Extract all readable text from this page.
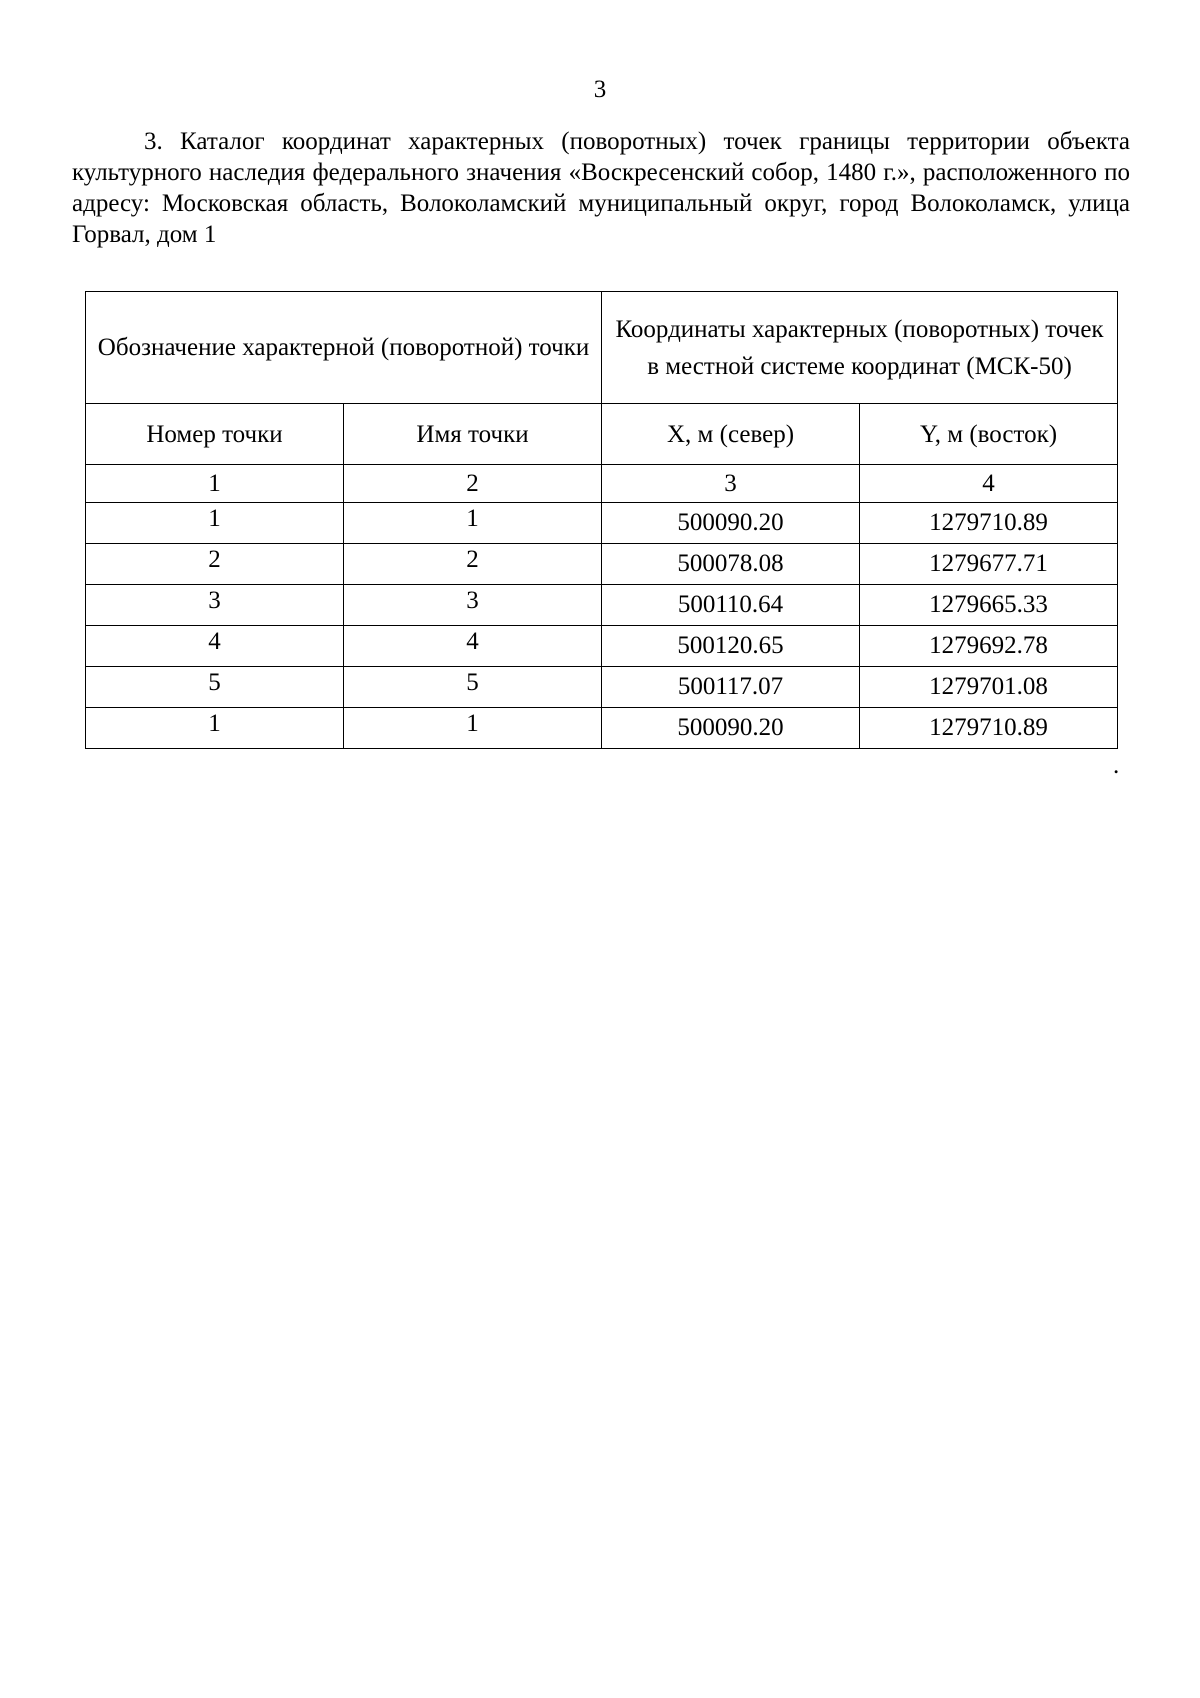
3

3. Каталог координат характерных (поворотных) точек границы территории объекта культурного наследия федерального значения «Воскресенский собор, 1480 г.», расположенного по адресу: Московская область, Волоколамский муниципальный округ, город Волоколамск, улица Горвал, дом 1

Обозначение характерной (поворотной) точки		Координаты характерных (поворотных) точек в местной системе координат (МСК-50)	
Номер точки	Имя точки	X, м (север)	Y, м (восток)
1	2	3	4
1	1	500090.20	1279710.89
2	2	500078.08	1279677.71
3	3	500110.64	1279665.33
4	4	500120.65	1279692.78
5	5	500117.07	1279701.08
1	1	500090.20	1279710.89
.
